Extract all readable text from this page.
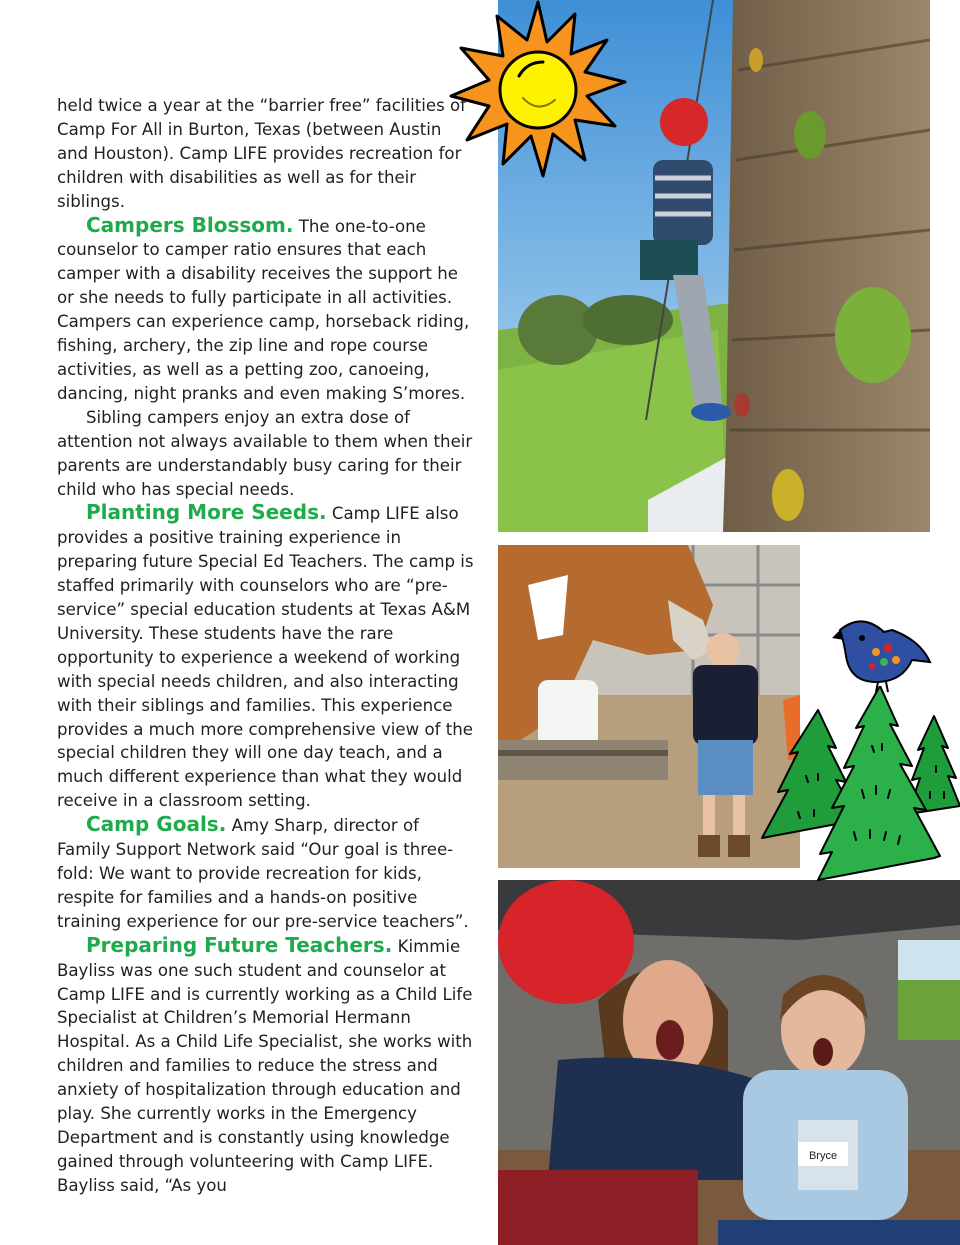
held twice a year at the “barrier free” facilities of Camp For All in Burton, Texas (between Austin and Houston). Camp LIFE provides recreation for children with disabilities as well as for their siblings.

Campers Blossom. The one-to-one counselor to camper ratio ensures that each camper with a disability receives the support he or she needs to fully participate in all activities. Campers can experience camp, horseback riding, fishing, archery, the zip line and rope course activities, as well as a petting zoo, canoeing, dancing, night pranks and even making S’mores.

Sibling campers enjoy an extra dose of attention not always available to them when their parents are understandably busy caring for their child who has special needs.

Planting More Seeds. Camp LIFE also provides a positive training experience in preparing future Special Ed Teachers. The camp is staffed primarily with counselors who are “pre-service” special education students at Texas A&M University. These students have the rare opportunity to experience a weekend of working with special needs children, and also interacting with their siblings and families. This experience provides a much more comprehensive view of the special children they will one day teach, and a much different experience than what they would receive in a classroom setting.

Camp Goals. Amy Sharp, director of Family Support Network said “Our goal is three-fold: We want to provide recreation for kids, respite for families and a hands-on positive training experience for our pre-service teachers”.

Preparing Future Teachers. Kimmie Bayliss was one such student and counselor at Camp LIFE and is currently working as a Child Life Specialist at Children’s Memorial Hermann Hospital. As a Child Life Specialist, she works with children and families to reduce the stress and anxiety of hospitalization through education and play. She currently works in the Emergency Department and is constantly using knowledge gained through volunteering with Camp LIFE. Bayliss said, “As you

Bryce
